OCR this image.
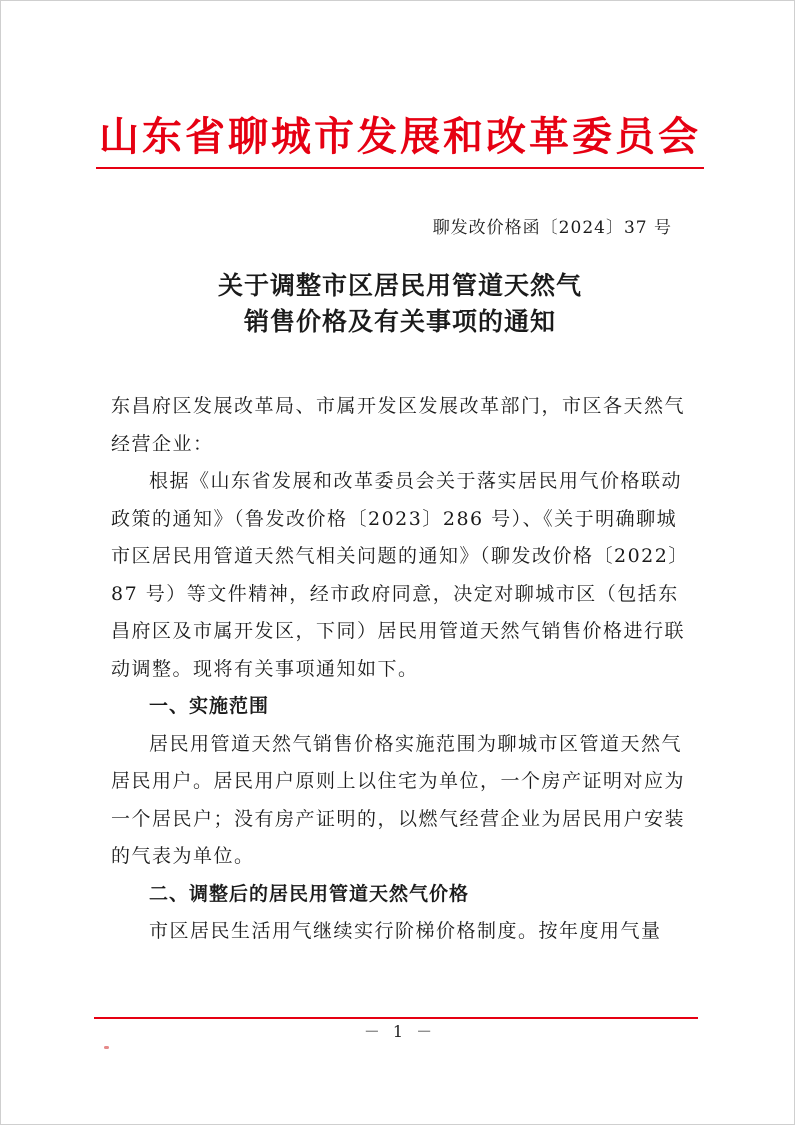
山东省聊城市发展和改革委员会
聊发改价格函〔2024〕37 号
关于调整市区居民用管道天然气
销售价格及有关事项的通知

东昌府区发展改革局、市属开发区发展改革部门，市区各天然气经营企业：

根据《山东省发展和改革委员会关于落实居民用气价格联动政策的通知》（鲁发改价格〔2023〕286 号）、《关于明确聊城市区居民用管道天然气相关问题的通知》（聊发改价格〔2022〕87 号）等文件精神，经市政府同意，决定对聊城市区（包括东昌府区及市属开发区，下同）居民用管道天然气销售价格进行联动调整。现将有关事项通知如下。

一、实施范围

居民用管道天然气销售价格实施范围为聊城市区管道天然气居民用户。居民用户原则上以住宅为单位，一个房产证明对应为一个居民户；没有房产证明的，以燃气经营企业为居民用户安装的气表为单位。

二、调整后的居民用管道天然气价格

市区居民生活用气继续实行阶梯价格制度。按年度用气量

－ 1 －
